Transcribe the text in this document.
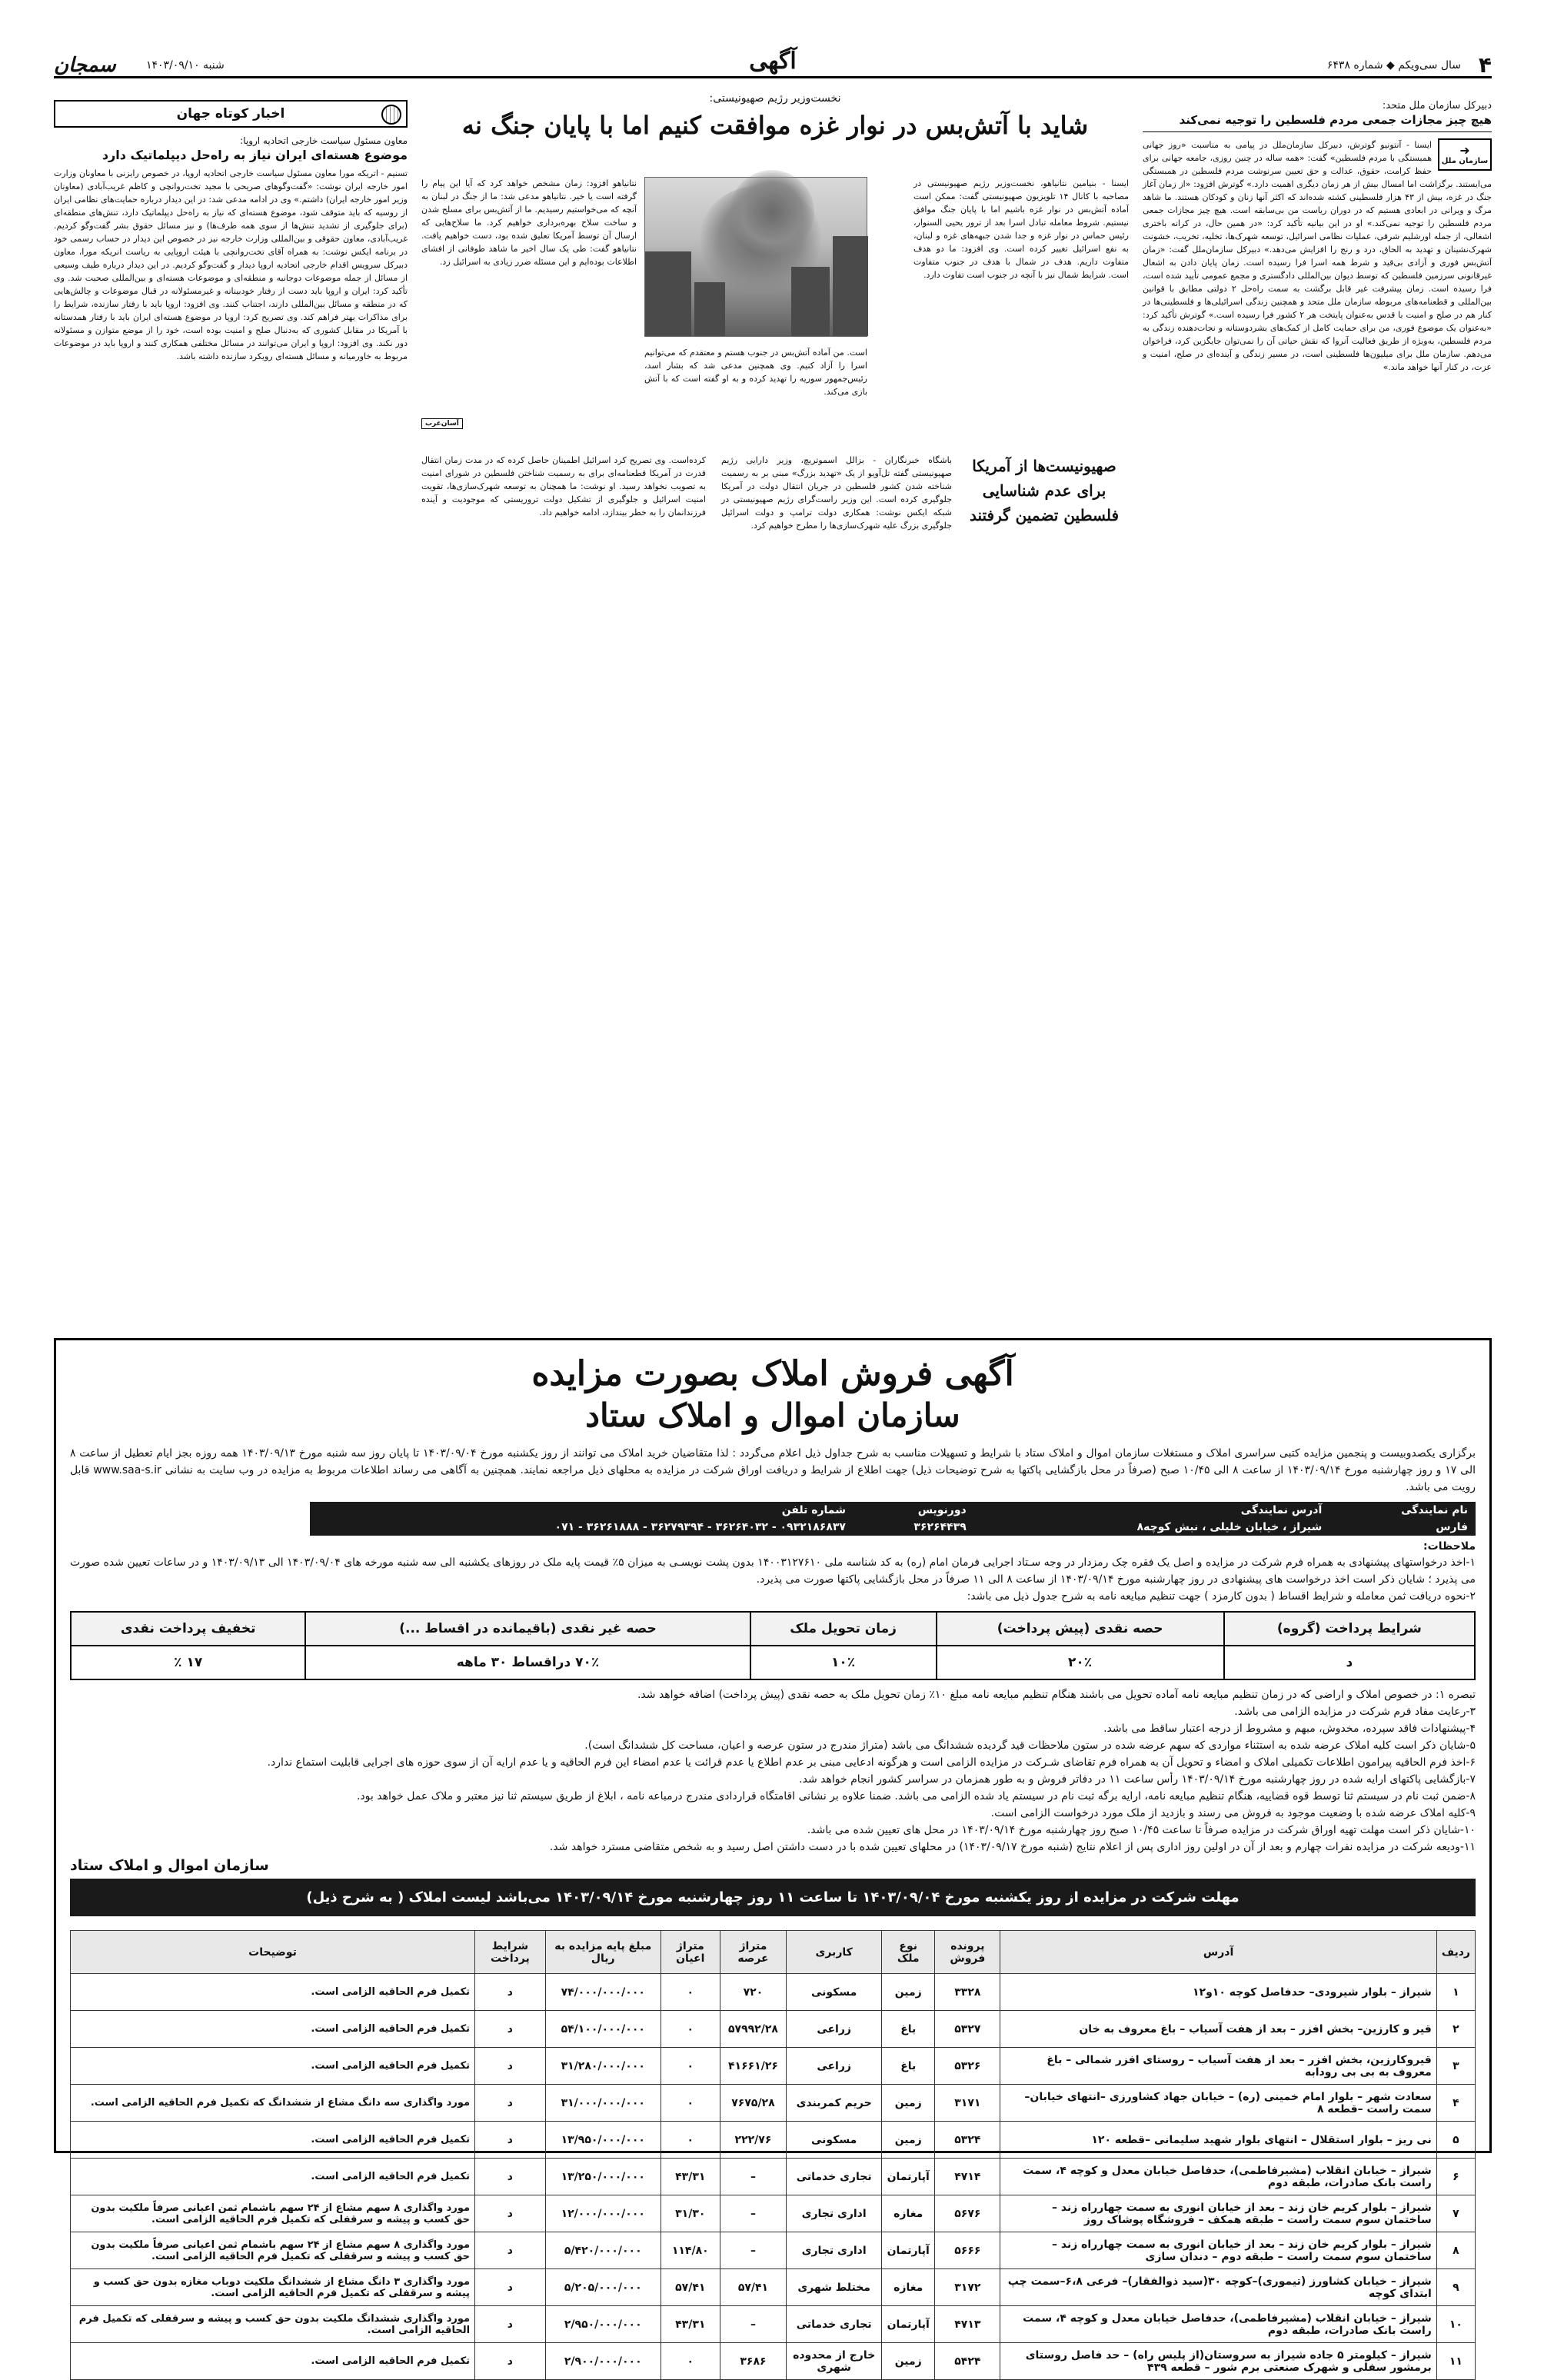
۴
سال سی‌ویکم ◆ شماره ۶۴۳۸
آگهی
شنبه ۱۴۰۳/۰۹/۱۰
سمجان
دبیرکل سازمان ملل متحد:
هیچ چیز مجازات جمعی مردم فلسطین را توجیه نمی‌کند
➜
سازمان ملل

ایسنا - آنتونیو گوترش، دبیرکل سازمان‌ملل در پیامی به مناسبت «روز جهانی همبستگی با مردم فلسطین» گفت: «همه ساله در چنین روزی، جامعه جهانی برای حفظ کرامت، حقوق، عدالت و حق تعیین سرنوشت مردم فلسطین در همبستگی می‌ایستند. برگزاشت اما امسال بیش از هر زمان دیگری اهمیت دارد.» گوترش افزود: «از زمان آغاز جنگ در غزه، بیش از ۴۳ هزار فلسطینی کشته شده‌اند که اکثر آنها زنان و کودکان هستند. ما شاهد مرگ و ویرانی در ابعادی هستیم که در دوران ریاست من بی‌سابقه است. هیچ چیز مجازات جمعی مردم فلسطین را توجیه نمی‌کند.» او در این بیانیه تأکید کرد: «در همین حال، در کرانه باختری اشغالی، از جمله اورشلیم شرقی، عملیات نظامی اسرائیل، توسعه شهرک‌ها، تخلیه، تخریب، خشونت شهرک‌نشینان و تهدید به الحاق، درد و رنج را افزایش می‌دهد.» دبیرکل سازمان‌ملل گفت: «زمان آتش‌بس فوری و آزادی بی‌قید و شرط همه اسرا فرا رسیده است. زمان پایان دادن به اشغال غیرقانونی سرزمین فلسطین که توسط دیوان بین‌المللی دادگستری و مجمع عمومی تأیید شده است، فرا رسیده است. زمان پیشرفت غیر قابل برگشت به سمت راه‌حل ۲ دولتی مطابق با قوانین بین‌المللی و قطعنامه‌های مربوطه سازمان ملل متحد و همچنین زندگی اسرائیلی‌ها و فلسطینی‌ها در کنار هم در صلح و امنیت با قدس به‌عنوان پایتخت هر ۲ کشور فرا رسیده است.» گوترش تأکید کرد: «به‌عنوان یک موضوع فوری، من برای حمایت کامل از کمک‌های بشردوستانه و نجات‌دهنده زندگی به مردم فلسطین، به‌ویژه از طریق فعالیت آنروا که نقش حیاتی آن را نمی‌توان جایگزین کرد، فراخوان می‌دهم. سازمان ملل برای میلیون‌ها فلسطینی است، در مسیر زندگی و آینده‌ای در صلح، امنیت و عزت، در کنار آنها خواهد ماند.»

نخست‌وزیر رژیم صهیونیستی:
شاید با آتش‌بس در نوار غزه موافقت کنیم اما با پایان جنگ نه

ایسنا - بنیامین نتانیاهو، نخست‌وزیر رژیم صهیونیستی در مصاحبه با کانال ۱۴ تلویزیون صهیونیستی گفت: ممکن است آماده آتش‌بس در نوار غزه باشیم اما با پایان جنگ موافق نیستیم. شروط معامله تبادل اسرا بعد از ترور یحیی السنوار، رئیس حماس در نوار غزه و جدا شدن جبهه‌های غزه و لبنان، به نفع اسرائیل تغییر کرده است. وی افزود: ما دو هدف متفاوت داریم. هدف در شمال با هدف در جنوب متفاوت است. شرایط شمال نیز با آنچه در جنوب است تفاوت دارد.

است. من آماده آتش‌بس در جنوب هستم و معتقدم که می‌توانیم اسرا را آزاد کنیم. وی همچنین مدعی شد که بشار اسد، رئیس‌جمهور سوریه را تهدید کرده و به او گفته است که با آتش بازی می‌کند.

نتانیاهو افزود: زمان مشخص خواهد کرد که آیا این پیام را گرفته است یا خیر. نتانیاهو مدعی شد: ما از جنگ در لبنان به آنچه که می‌خواستیم رسیدیم. ما از آتش‌بس برای مسلح شدن و ساخت سلاح بهره‌برداری خواهیم کرد. ما سلاح‌هایی که ارسال آن توسط آمریکا تعلیق شده بود، دست خواهیم یافت. نتانیاهو گفت: طی یک سال اخیر ما شاهد طوفانی از افشای اطلاعات بوده‌ایم و این مسئله ضرر زیادی به اسرائیل زد.

آسان‌غرب

باشگاه خبرنگاران - بزالل اسموتریچ، وزیر دارایی رژیم صهیونیستی گفته تل‌آویو از یک «تهدید بزرگ» مبنی بر به رسمیت شناخته شدن کشور فلسطین در جریان انتقال دولت در آمریکا جلوگیری کرده است. این وزیر راست‌گرای رژیم صهیونیستی در شبکه ایکس نوشت: همکاری دولت ترامپ و دولت اسرائیل جلوگیری بزرگ علیه شهرک‌سازی‌ها را مطرح خواهیم کرد.

کرده‌است. وی تصریح کرد اسرائیل اطمینان حاصل کرده که در مدت زمان انتقال قدرت در آمریکا قطعنامه‌ای برای به رسمیت شناختن فلسطین در شورای امنیت به تصویب نخواهد رسید. او نوشت: ما همچنان به توسعه شهرک‌سازی‌ها، تقویت امنیت اسرائیل و جلوگیری از تشکیل دولت تروریستی که موجودیت و آینده فرزندانمان را به خطر بیندازد، ادامه خواهیم داد.

صهیونیست‌ها از آمریکا برای عدم شناسایی فلسطین تضمین گرفتند
اخبار کوتاه جهان
معاون مسئول سیاست خارجی اتحادیه اروپا:
موضوع هسته‌ای ایران نیاز به راه‌حل دیپلماتیک دارد

تسنیم - اتریکه مورا معاون مسئول سیاست خارجی اتحادیه اروپا، در خصوص رایزنی با معاونان وزارت امور خارجه ایران نوشت: «گفت‌وگوهای صریحی با مجید تخت‌روانچی و کاظم غریب‌آبادی (معاونان وزیر امور خارجه ایران) داشتم.» وی در ادامه مدعی شد: در این دیدار درباره حمایت‌های نظامی ایران از روسیه که باید متوقف شود، موضوع هسته‌ای که نیاز به راه‌حل دیپلماتیک دارد، تنش‌های منطقه‌ای (برای جلوگیری از تشدید تنش‌ها از سوی همه طرف‌ها) و نیز مسائل حقوق بشر گفت‌وگو کردیم. غریب‌آبادی، معاون حقوقی و بین‌المللی وزارت خارجه نیز در خصوص این دیدار در حساب رسمی خود در برنامه ایکس نوشت: به همراه آقای تخت‌روانچی با هیئت اروپایی به ریاست انریکه مورا، معاون دبیرکل سرویس اقدام خارجی اتحادیه اروپا دیدار و گفت‌وگو کردیم. در این دیدار درباره طیف وسیعی از مسائل از جمله موضوعات دوجانبه و منطقه‌ای و موضوعات هسته‌ای و بین‌المللی صحبت شد. وی تأکید کرد: ایران و اروپا باید دست از رفتار خودبینانه و غیرمسئولانه در قبال موضوعات و چالش‌هایی که در منطقه و مسائل بین‌المللی دارند، اجتناب کنند. وی افزود: اروپا باید با رفتار سازنده، شرایط را برای مذاکرات بهتر فراهم کند. وی تصریح کرد: اروپا در موضوع هسته‌ای ایران باید با رفتار همدستانه با آمریکا در مقابل کشوری که به‌دنبال صلح و امنیت بوده است، خود را از موضع متوازن و مسئولانه دور نکند. وی افزود: اروپا و ایران می‌توانند در مسائل مختلفی همکاری کنند و اروپا باید در موضوعات مربوط به خاورمیانه و مسائل هسته‌ای رویکرد سازنده داشته باشد.

آگهی فروش املاک بصورت مزایده
سازمان اموال و املاک ستاد

برگزاری یکصدوبیست و پنجمین مزایده کتبی سراسری املاک و مستغلات سازمان اموال و املاک ستاد با شرایط و تسهیلات مناسب به شرح جداول ذیل اعلام می‌گردد : لذا متقاضیان خرید املاک می توانند از روز یکشنبه مورخ ۱۴۰۳/۰۹/۰۴ تا پایان روز سه شنبه مورخ ۱۴۰۳/۰۹/۱۳ همه روزه بجز ایام تعطیل از ساعت ۸ الی ۱۷ و روز چهارشنبه مورخ ۱۴۰۳/۰۹/۱۴ از ساعت ۸ الی ۱۰/۴۵ صبح (صرفاً در محل بازگشایی پاکتها به شرح توضیحات ذیل) جهت اطلاع از شرایط و دریافت اوراق شرکت در مزایده به محلهای ذیل مراجعه نمایند. همچنین به آگاهی می رساند اطلاعات مربوط به مزایده در وب سایت به نشانی www.saa-s.ir قابل رویت می باشد.

نام نمایندگی	آدرس نمایندگی	دورنویس	شماره تلفن
فارس	شیراز ، خیابان خلیلی ، نبش کوچه۸	۳۶۲۶۴۴۳۹	۰۹۳۲۱۸۶۸۳۷ - ۳۶۲۶۴۰۳۲ - ۳۶۲۷۹۳۹۴ - ۳۶۲۶۱۸۸۸ - ۰۷۱
ملاحظات:

۱-اخذ درخواستهای پیشنهادی به همراه فرم شرکت در مزایده و اصل یک فقره چک رمزدار در وجه سـتاد اجرایی فرمان امام (ره) به کد شناسه ملی ۱۴۰۰۳۱۲۷۶۱۰ بدون پشت نویسـی به میزان ۵٪ قیمت پایه ملک در روزهای یکشنبه الی سه شنبه مورخه های ۱۴۰۳/۰۹/۰۴ الی ۱۴۰۳/۰۹/۱۳ و در ساعات تعیین شده صورت می پذیرد ؛ شایان ذکر است اخذ درخواست های پیشنهادی در روز چهارشنبه مورخ ۱۴۰۳/۰۹/۱۴ از ساعت ۸ الی ۱۱ صرفاً در محل بازگشایی پاکتها صورت می پذیرد.

۲-نحوه دریافت ثمن معامله و شرایط اقساط ( بدون کارمزد ) جهت تنظیم مبایعه نامه به شرح جدول ذیل می باشد:

شرایط پرداخت (گروه)	حصه نقدی (پیش پرداخت)	زمان تحویل ملک	حصه غیر نقدی (باقیمانده در اقساط ...)	تخفیف پرداخت نقدی
د	۲۰٪	۱۰٪	۷۰٪ دراقساط ۳۰ ماهه	۱۷ ٪

تبصره ۱: در خصوص املاک و اراضی که در زمان تنظیم مبایعه نامه آماده تحویل می باشند هنگام تنظیم مبایعه نامه مبلغ ۱۰٪ زمان تحویل ملک به حصه نقدی (پیش پرداخت) اضافه خواهد شد.

۳-رعایت مفاد فرم شرکت در مزایده الزامی می باشد.

۴-پیشنهادات فاقد سپرده، مخدوش، مبهم و مشروط از درجه اعتبار ساقط می باشد.

۵-شایان ذکر است کلیه املاک عرضه شده به استثناء مواردی که سهم عرضه شده در ستون ملاحظات قید گردیده ششدانگ می باشد (متراژ مندرج در ستون عرصه و اعیان، مساحت کل ششدانگ است).

۶-اخذ فرم الحاقیه پیرامون اطلاعات تکمیلی املاک و امضاء و تحویل آن به همراه فرم تقاضای شـرکت در مزایده الزامی است و هرگونه ادعایی مبنی بر عدم اطلاع یا عدم قرائت یا عدم امضاء این فرم الحاقیه و یا عدم ارایه آن از سوی حوزه های اجرایی قابلیت استماع ندارد.

۷-بازگشایی پاکتهای ارایه شده در روز چهارشنبه مورخ ۱۴۰۳/۰۹/۱۴ رأس ساعت ۱۱ در دفاتر فروش و به طور همزمان در سراسر کشور انجام خواهد شد.

۸-ضمن ثبت نام در سیستم ثنا توسط قوه قضاییه، هنگام تنظیم مبایعه نامه، ارایه برگه ثبت نام در سیستم یاد شده الزامی می باشد. ضمنا علاوه بر نشانی اقامتگاه قراردادی مندرج درمباعه نامه ، ابلاغ از طریق سیستم ثنا نیز معتبر و ملاک عمل خواهد بود.

۹-کلیه املاک عرضه شده با وضعیت موجود به فروش می رسند و بازدید از ملک مورد درخواست الزامی است.

۱۰-شایان ذکر است مهلت تهیه اوراق شرکت در مزایده صرفاً تا ساعت ۱۰/۴۵ صبح روز چهارشنبه مورخ ۱۴۰۳/۰۹/۱۴ در محل های تعیین شده می باشد.

۱۱-ودیعه شرکت در مزایده نفرات چهارم و بعد از آن در اولین روز اداری پس از اعلام نتایج (شنبه مورخ ۱۴۰۳/۰۹/۱۷) در محلهای تعیین شده با در دست داشتن اصل رسید و به شخص متقاضی مسترد خواهد شد.

سازمان اموال و املاک ستاد
مهلت شرکت در مزایده از روز یکشنبه مورخ ۱۴۰۳/۰۹/۰۴ تا ساعت ۱۱ روز چهارشنبه مورخ ۱۴۰۳/۰۹/۱۴ می‌باشد لیست املاک ( به شرح ذیل)
ردیف	آدرس	پرونده فروش	نوع ملک	کاربری	متراژ عرصه	متراژ اعیان	مبلغ پایه مزایده به ریال	شرایط پرداخت	توضیحات
۱	شیراز – بلوار شیرودی– حدفاصل کوچه ۱۰و۱۲	۳۳۲۸	زمین	مسکونی	۷۲۰	۰	۷۴/۰۰۰/۰۰۰/۰۰۰	د	تکمیل فرم الحاقیه الزامی است.
۲	قیر و کارزین– بخش افزر – بعد از هفت آسیاب – باغ معروف به خان	۵۳۲۷	باغ	زراعی	۵۷۹۹۲/۲۸	۰	۵۴/۱۰۰/۰۰۰/۰۰۰	د	تکمیل فرم الحاقیه الزامی است.
۳	قیروکارزین، بخش افزر – بعد از هفت آسیاب – روستای افزر شمالی – باغ معروف به بی بی رودابه	۵۳۲۶	باغ	زراعی	۴۱۶۶۱/۲۶	۰	۳۱/۲۸۰/۰۰۰/۰۰۰	د	تکمیل فرم الحاقیه الزامی است.
۴	سعادت شهر – بلوار امام خمینی (ره) – خیابان جهاد کشاورزی –انتهای خیابان–سمت راست –قطعه ۸	۳۱۷۱	زمین	حریم کمربندی	۷۶۷۵/۲۸	۰	۳۱/۰۰۰/۰۰۰/۰۰۰	د	مورد واگذاری سه دانگ مشاع از ششدانگ که تکمیل فرم الحاقیه الزامی است.
۵	نی ریز – بلوار استقلال – انتهای بلوار شهید سلیمانی –قطعه ۱۲۰	۵۳۲۴	زمین	مسکونی	۲۲۲/۷۶	۰	۱۳/۹۵۰/۰۰۰/۰۰۰	د	تکمیل فرم الحاقیه الزامی است.
۶	شیراز – خیابان انقلاب (مشیرفاطمی)، حدفاصل خیابان معدل و کوچه ۴، سمت راست بانک صادرات، طبقه دوم	۴۷۱۴	آپارتمان	تجاری خدماتی	–	۴۳/۳۱	۱۳/۲۵۰/۰۰۰/۰۰۰	د	تکمیل فرم الحاقیه الزامی است.
۷	شیراز – بلوار کریم خان زند – بعد از خیابان انوری به سمت چهارراه زند – ساختمان سوم سمت راست – طبقه همکف – فروشگاه پوشاک روز	۵۶۷۶	مغازه	اداری تجاری	–	۳۱/۳۰	۱۲/۰۰۰/۰۰۰/۰۰۰	د	مورد واگذاری ۸ سهم مشاع از ۲۴ سهم باشمام ثمن اعیانی صرفاً ملکیت بدون حق کسب و پیشه و سرقفلی که تکمیل فرم الحاقیه الزامی است.
۸	شیراز – بلوار کریم خان زند – بعد از خیابان انوری به سمت چهارراه زند – ساختمان سوم سمت راست – طبقه دوم – دندان سازی	۵۶۶۶	آپارتمان	اداری تجاری	–	۱۱۴/۸۰	۵/۴۲۰/۰۰۰/۰۰۰	د	مورد واگذاری ۸ سهم مشاع از ۲۴ سهم باشمام ثمن اعیانی صرفاً ملکیت بدون حق کسب و پیشه و سرقفلی که تکمیل فرم الحاقیه الزامی است.
۹	شیراز – خیابان کشاورز (تیموری)–کوچه ۳۰(سید ذوالفقار)– فرعی ۶،۸–سمت چپ ابتدای کوچه	۳۱۷۲	مغازه	مختلط شهری	۵۷/۴۱	۵۷/۴۱	۵/۲۰۵/۰۰۰/۰۰۰	د	مورد واگذاری ۳ دانگ مشاع از ششدانگ ملکیت دوباب مغازه بدون حق کسب و پیشه و سرقفلی که تکمیل فرم الحاقیه الزامی است.
۱۰	شیراز – خیابان انقلاب (مشیرفاطمی)، حدفاصل خیابان معدل و کوچه ۴، سمت راست بانک صادرات، طبقه دوم	۴۷۱۳	آپارتمان	تجاری خدماتی	–	۴۳/۳۱	۲/۹۵۰/۰۰۰/۰۰۰	د	مورد واگذاری ششدانگ ملکیت بدون حق کسب و پیشه و سرقفلی که تکمیل فرم الحاقیه الزامی است.
۱۱	شیراز – کیلومتر ۵ جاده شیراز به سروستان(از پلیس راه) – حد فاصل روستای برمشور سفلی و شهرک صنعتی برم شور – قطعه ۴۳۹	۵۴۲۴	زمین	خارج از محدوده شهری	۳۶۸۶	۰	۲/۹۰۰/۰۰۰/۰۰۰	د	تکمیل فرم الحاقیه الزامی است.
